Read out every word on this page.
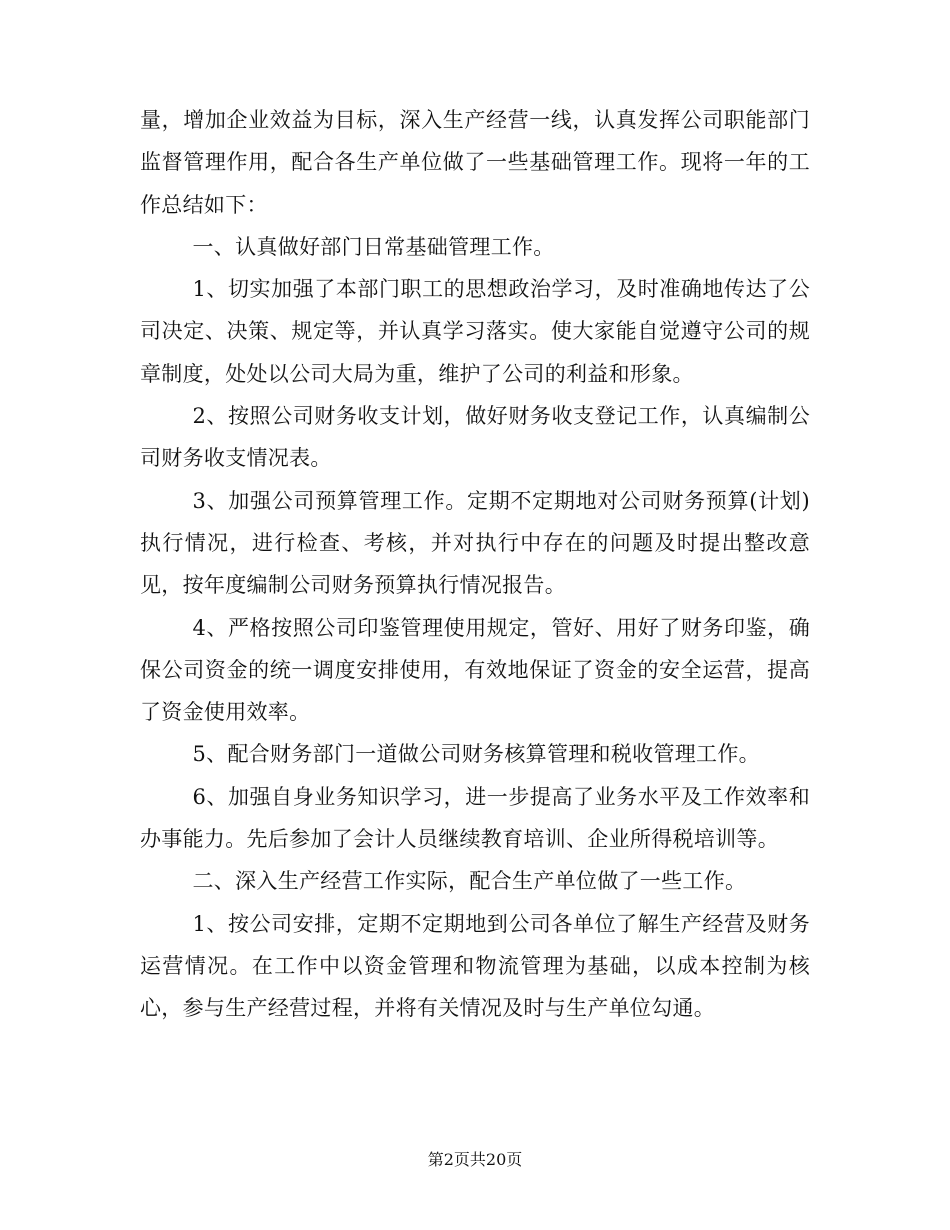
量，增加企业效益为目标，深入生产经营一线，认真发挥公司职能部门监督管理作用，配合各生产单位做了一些基础管理工作。现将一年的工作总结如下：

一、认真做好部门日常基础管理工作。

1、切实加强了本部门职工的思想政治学习，及时准确地传达了公司决定、决策、规定等，并认真学习落实。使大家能自觉遵守公司的规章制度，处处以公司大局为重，维护了公司的利益和形象。

2、按照公司财务收支计划，做好财务收支登记工作，认真编制公司财务收支情况表。

3、加强公司预算管理工作。定期不定期地对公司财务预算(计划)执行情况，进行检查、考核，并对执行中存在的问题及时提出整改意见，按年度编制公司财务预算执行情况报告。

4、严格按照公司印鉴管理使用规定，管好、用好了财务印鉴，确保公司资金的统一调度安排使用，有效地保证了资金的安全运营，提高了资金使用效率。

5、配合财务部门一道做公司财务核算管理和税收管理工作。

6、加强自身业务知识学习，进一步提高了业务水平及工作效率和办事能力。先后参加了会计人员继续教育培训、企业所得税培训等。

二、深入生产经营工作实际，配合生产单位做了一些工作。

1、按公司安排，定期不定期地到公司各单位了解生产经营及财务运营情况。在工作中以资金管理和物流管理为基础，以成本控制为核心，参与生产经营过程，并将有关情况及时与生产单位勾通。

第2页共20页
